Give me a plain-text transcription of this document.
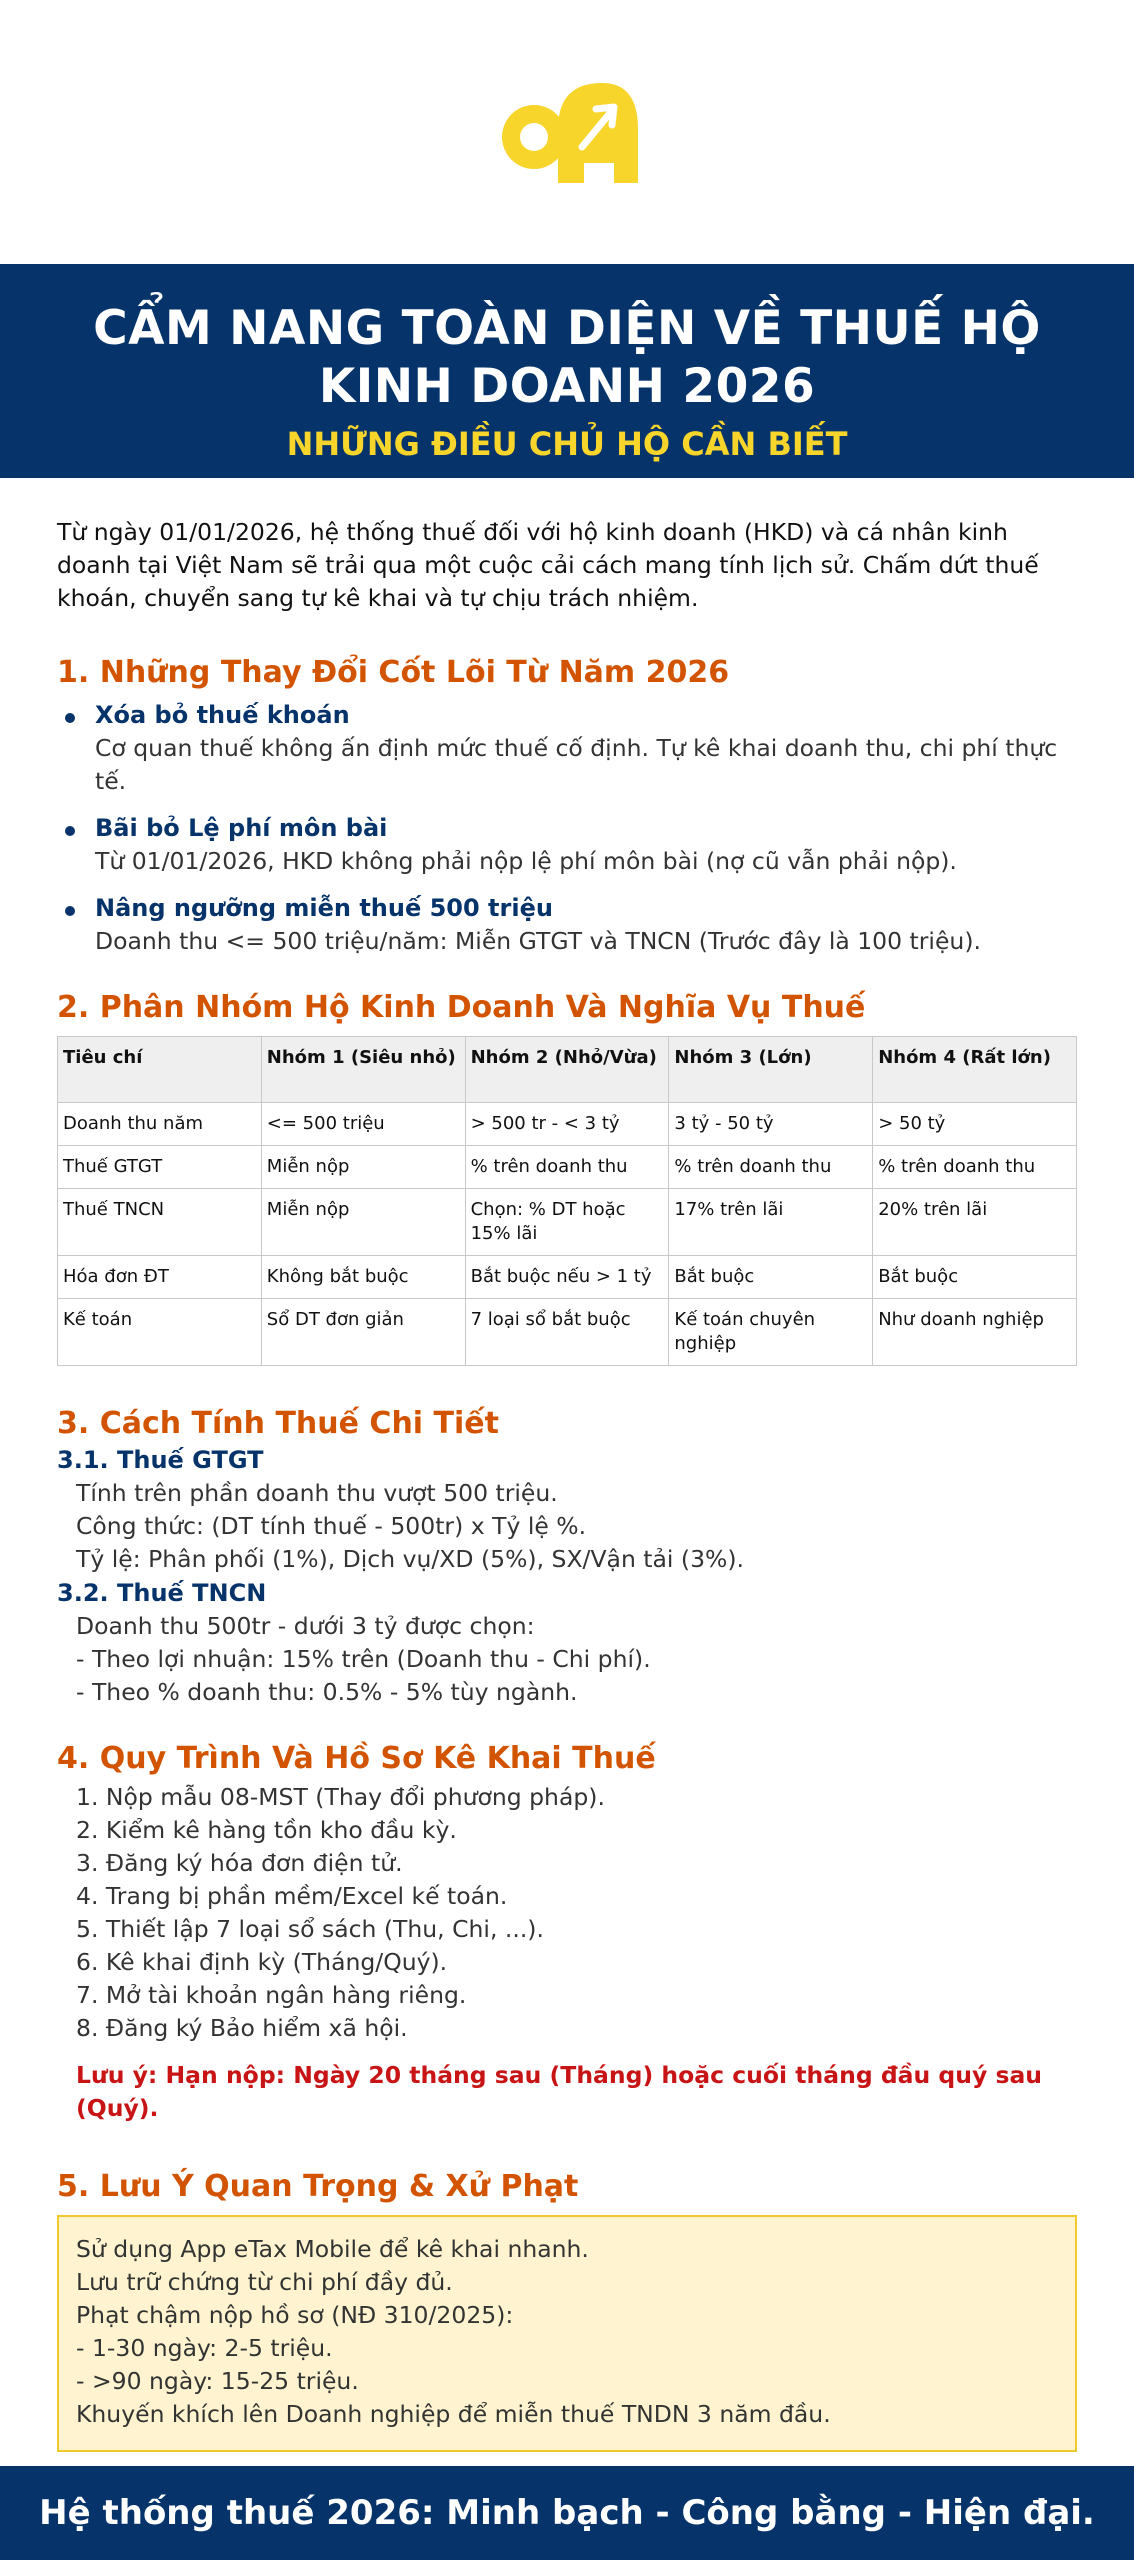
CẨM NANG TOÀN DIỆN VỀ THUẾ HỘ
KINH DOANH 2026
NHỮNG ĐIỀU CHỦ HỘ CẦN BIẾT

Từ ngày 01/01/2026, hệ thống thuế đối với hộ kinh doanh (HKD) và cá nhân kinh doanh tại Việt Nam sẽ trải qua một cuộc cải cách mang tính lịch sử. Chấm dứt thuế khoán, chuyển sang tự kê khai và tự chịu trách nhiệm.

1. Những Thay Đổi Cốt Lõi Từ Năm 2026
Xóa bỏ thuế khoán
Cơ quan thuế không ấn định mức thuế cố định. Tự kê khai doanh thu, chi phí thực tế.
Bãi bỏ Lệ phí môn bài
Từ 01/01/2026, HKD không phải nộp lệ phí môn bài (nợ cũ vẫn phải nộp).
Nâng ngưỡng miễn thuế 500 triệu
Doanh thu <= 500 triệu/năm: Miễn GTGT và TNCN (Trước đây là 100 triệu).
2. Phân Nhóm Hộ Kinh Doanh Và Nghĩa Vụ Thuế
Tiêu chí	Nhóm 1 (Siêu nhỏ)	Nhóm 2 (Nhỏ/Vừa)	Nhóm 3 (Lớn)	Nhóm 4 (Rất lớn)
Doanh thu năm	<= 500 triệu	> 500 tr - < 3 tỷ	3 tỷ - 50 tỷ	> 50 tỷ
Thuế GTGT	Miễn nộp	% trên doanh thu	% trên doanh thu	% trên doanh thu
Thuế TNCN	Miễn nộp	Chọn: % DT hoặc 15% lãi	17% trên lãi	20% trên lãi
Hóa đơn ĐT	Không bắt buộc	Bắt buộc nếu > 1 tỷ	Bắt buộc	Bắt buộc
Kế toán	Sổ DT đơn giản	7 loại sổ bắt buộc	Kế toán chuyên nghiệp	Như doanh nghiệp
3. Cách Tính Thuế Chi Tiết
3.1. Thuế GTGT
Tính trên phần doanh thu vượt 500 triệu.
Công thức: (DT tính thuế - 500tr) x Tỷ lệ %.
Tỷ lệ: Phân phối (1%), Dịch vụ/XD (5%), SX/Vận tải (3%).
3.2. Thuế TNCN
Doanh thu 500tr - dưới 3 tỷ được chọn:
- Theo lợi nhuận: 15% trên (Doanh thu - Chi phí).
- Theo % doanh thu: 0.5% - 5% tùy ngành.
4. Quy Trình Và Hồ Sơ Kê Khai Thuế
1. Nộp mẫu 08-MST (Thay đổi phương pháp).
2. Kiểm kê hàng tồn kho đầu kỳ.
3. Đăng ký hóa đơn điện tử.
4. Trang bị phần mềm/Excel kế toán.
5. Thiết lập 7 loại sổ sách (Thu, Chi, ...).
6. Kê khai định kỳ (Tháng/Quý).
7. Mở tài khoản ngân hàng riêng.
8. Đăng ký Bảo hiểm xã hội.

Lưu ý: Hạn nộp: Ngày 20 tháng sau (Tháng) hoặc cuối tháng đầu quý sau (Quý).

5. Lưu Ý Quan Trọng & Xử Phạt
Sử dụng App eTax Mobile để kê khai nhanh.
Lưu trữ chứng từ chi phí đầy đủ.
Phạt chậm nộp hồ sơ (NĐ 310/2025):
- 1-30 ngày: 2-5 triệu.
- >90 ngày: 15-25 triệu.
Khuyến khích lên Doanh nghiệp để miễn thuế TNDN 3 năm đầu.
Hệ thống thuế 2026: Minh bạch - Công bằng - Hiện đại.
